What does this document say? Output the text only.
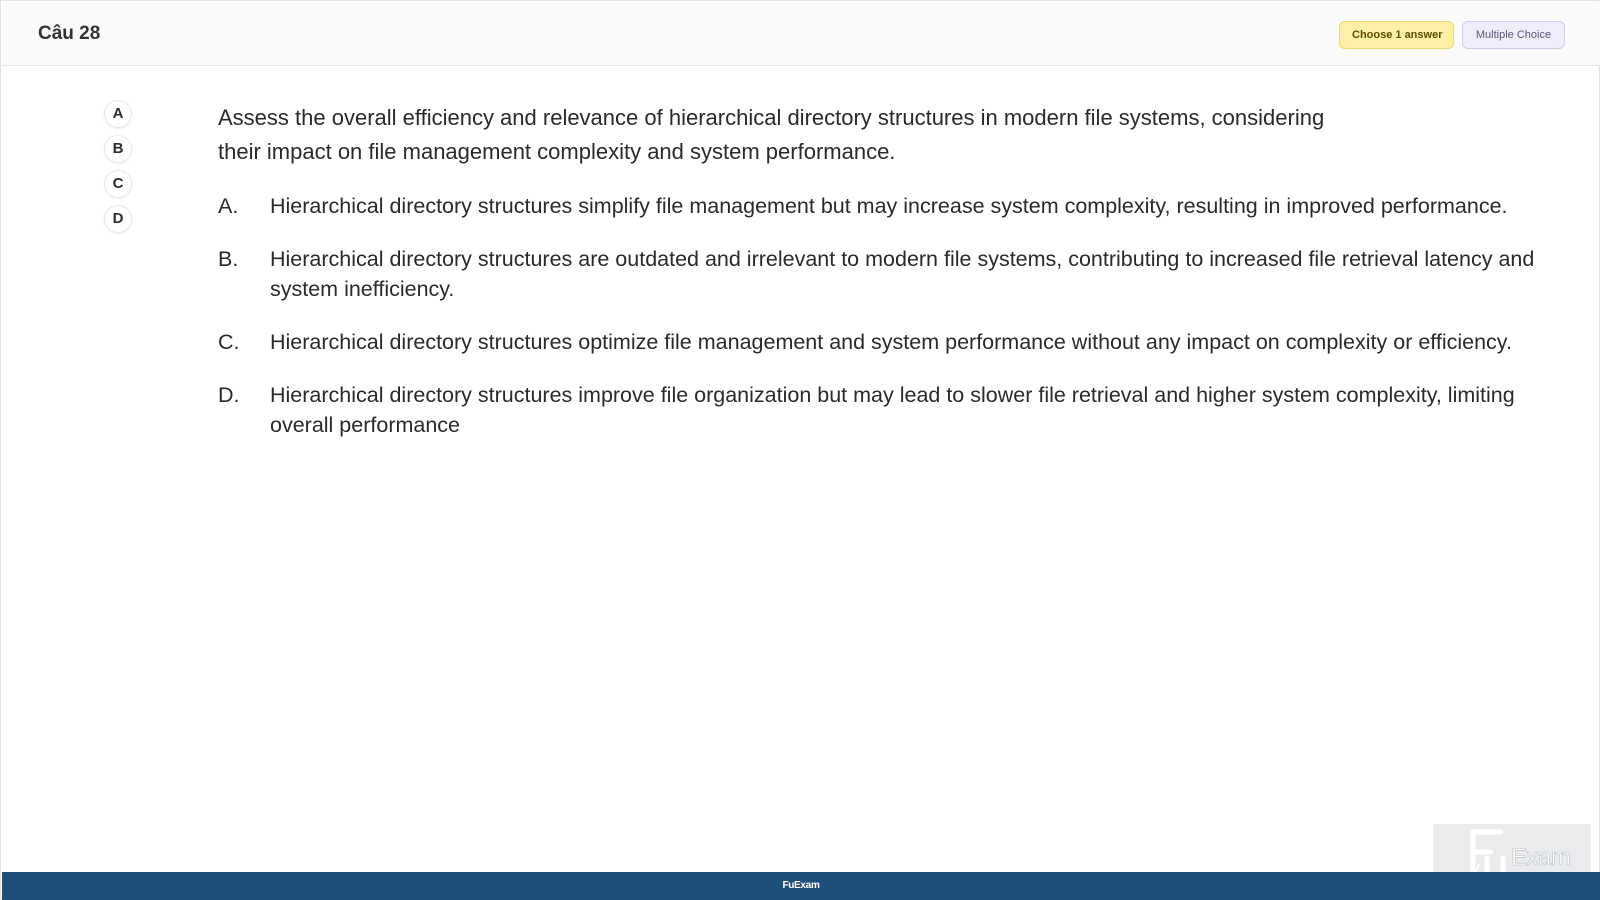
Câu 28	Choose 1 answer	Multiple Choice
A
B
C
D
Assess the overall efficiency and relevance of hierarchical directory structures in modern file systems, considering their impact on file management complexity and system performance.
A. Hierarchical directory structures simplify file management but may increase system complexity, resulting in improved performance.
B. Hierarchical directory structures are outdated and irrelevant to modern file systems, contributing to increased file retrieval latency and system inefficiency.
C. Hierarchical directory structures optimize file management and system performance without any impact on complexity or efficiency.
D. Hierarchical directory structures improve file organization but may lead to slower file retrieval and higher system complexity, limiting overall performance
Exam
FuExam
